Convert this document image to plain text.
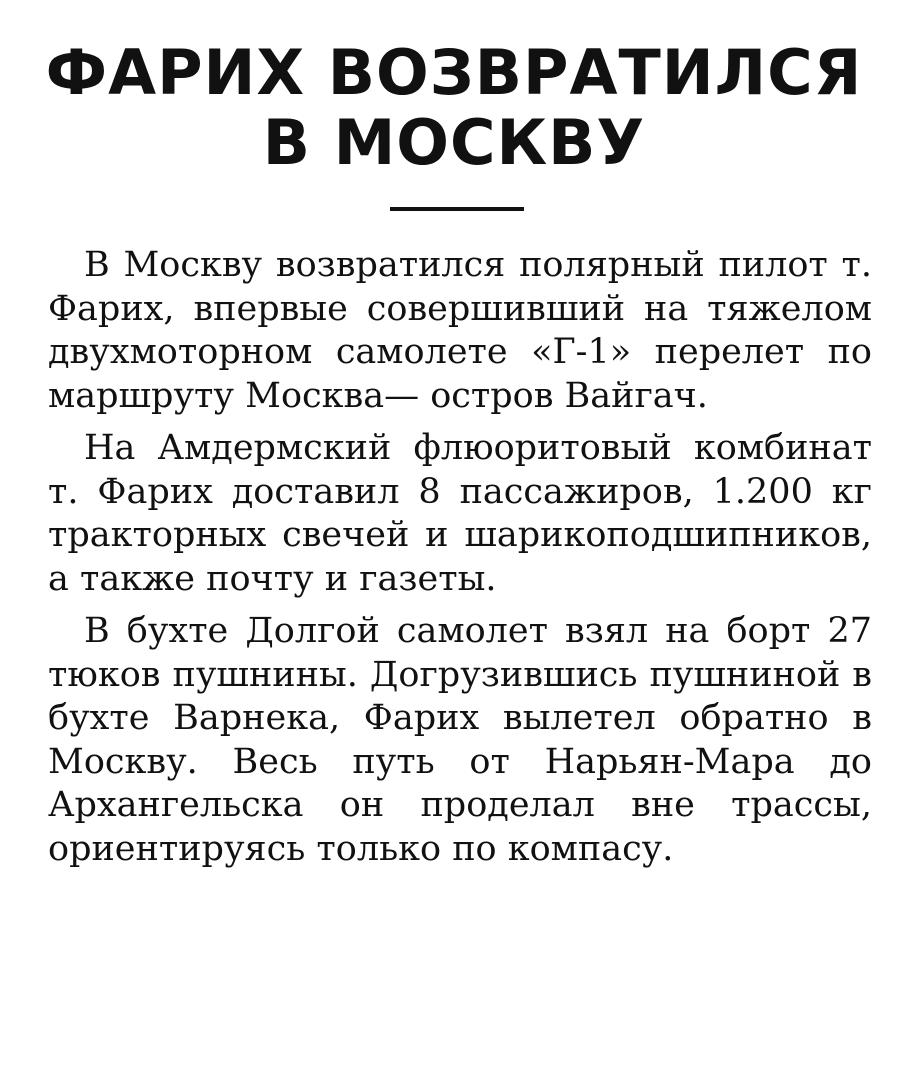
ФАРИХ ВОЗВРАТИЛСЯ
В МОСКВУ

В Москву возвратился полярный пилот т. Фарих, впервые совершивший на тяжелом двухмоторном самолете «Г-1» перелет по маршруту Москва— остров Вайгач.

На Амдермский флюоритовый комбинат т. Фарих доставил 8 пассажиров, 1.200 кг тракторных свечей и шарикоподшипников, а также почту и газеты.

В бухте Долгой самолет взял на борт 27 тюков пушнины. Догрузившись пушниной в бухте Варнека, Фарих вылетел обратно в Москву. Весь путь от Нарьян-Мара до Архангельска он проделал вне трассы, ориентируясь только по компасу.
